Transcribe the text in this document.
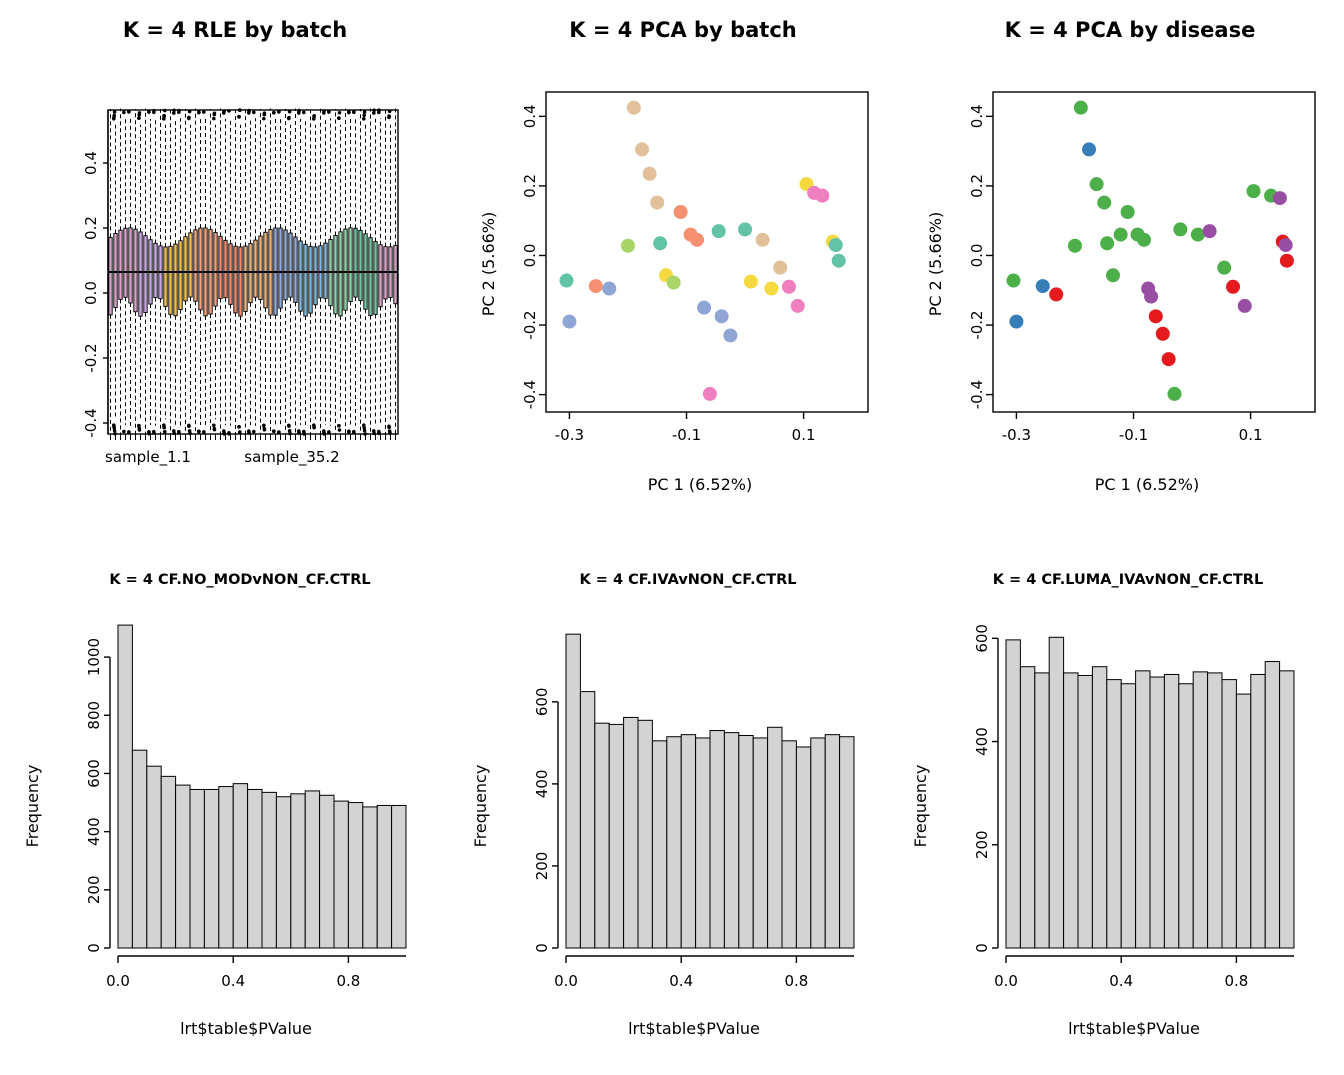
K = 4 RLE by batch
0.4
0.2
0.0
-0.2
-0.4
sample_1.1	sample_35.2
K = 4 PCA by batch
-0.3	-0.1	0.1
-0.4
-0.2
0.0
0.2
0.4
PC 1 (6.52%)
PC 2 (5.66%)
K = 4 PCA by disease
-0.3	-0.1	0.1
-0.4
-0.2
0.0
0.2
0.4
PC 1 (6.52%)
PC 2 (5.66%)
K = 4 CF.NO_MODvNON_CF.CTRL
0
200
400
600
800
1000
0.0	0.4	0.8
lrt$table$PValue
Frequency
K = 4 CF.IVAvNON_CF.CTRL
0
200
400
600
0.0	0.4	0.8
lrt$table$PValue
Frequency
K = 4 CF.LUMA_IVAvNON_CF.CTRL
0
200
400
600
0.0	0.4	0.8
lrt$table$PValue
Frequency
